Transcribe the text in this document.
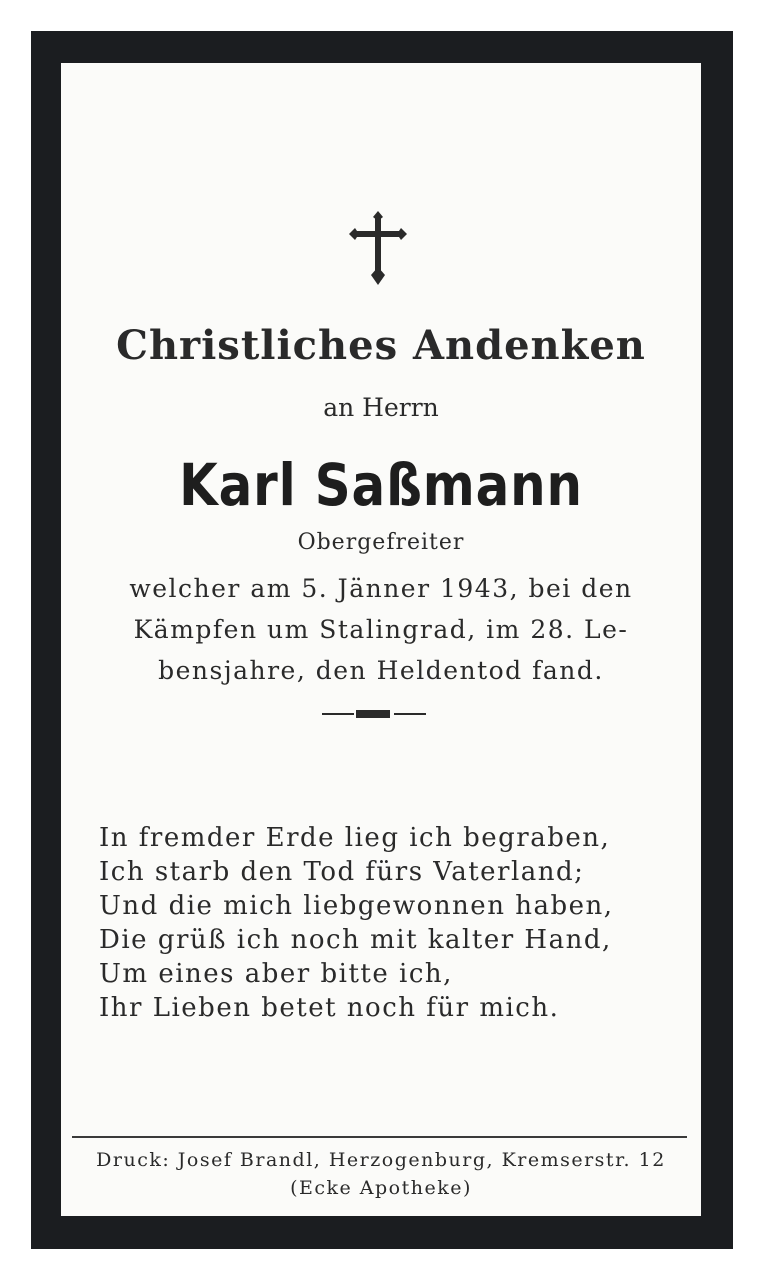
Christliches Andenken
an Herrn
Karl Saßmann
Obergefreiter
welcher am 5. Jänner 1943, bei den
Kämpfen um Stalingrad, im 28. Le-
bensjahre, den Heldentod fand.
In fremder Erde lieg ich begraben,
Ich starb den Tod fürs Vaterland;
Und die mich liebgewonnen haben,
Die grüß ich noch mit kalter Hand,
Um eines aber bitte ich,
Ihr Lieben betet noch für mich.
Druck: Josef Brandl, Herzogenburg, Kremserstr. 12
(Ecke Apotheke)
